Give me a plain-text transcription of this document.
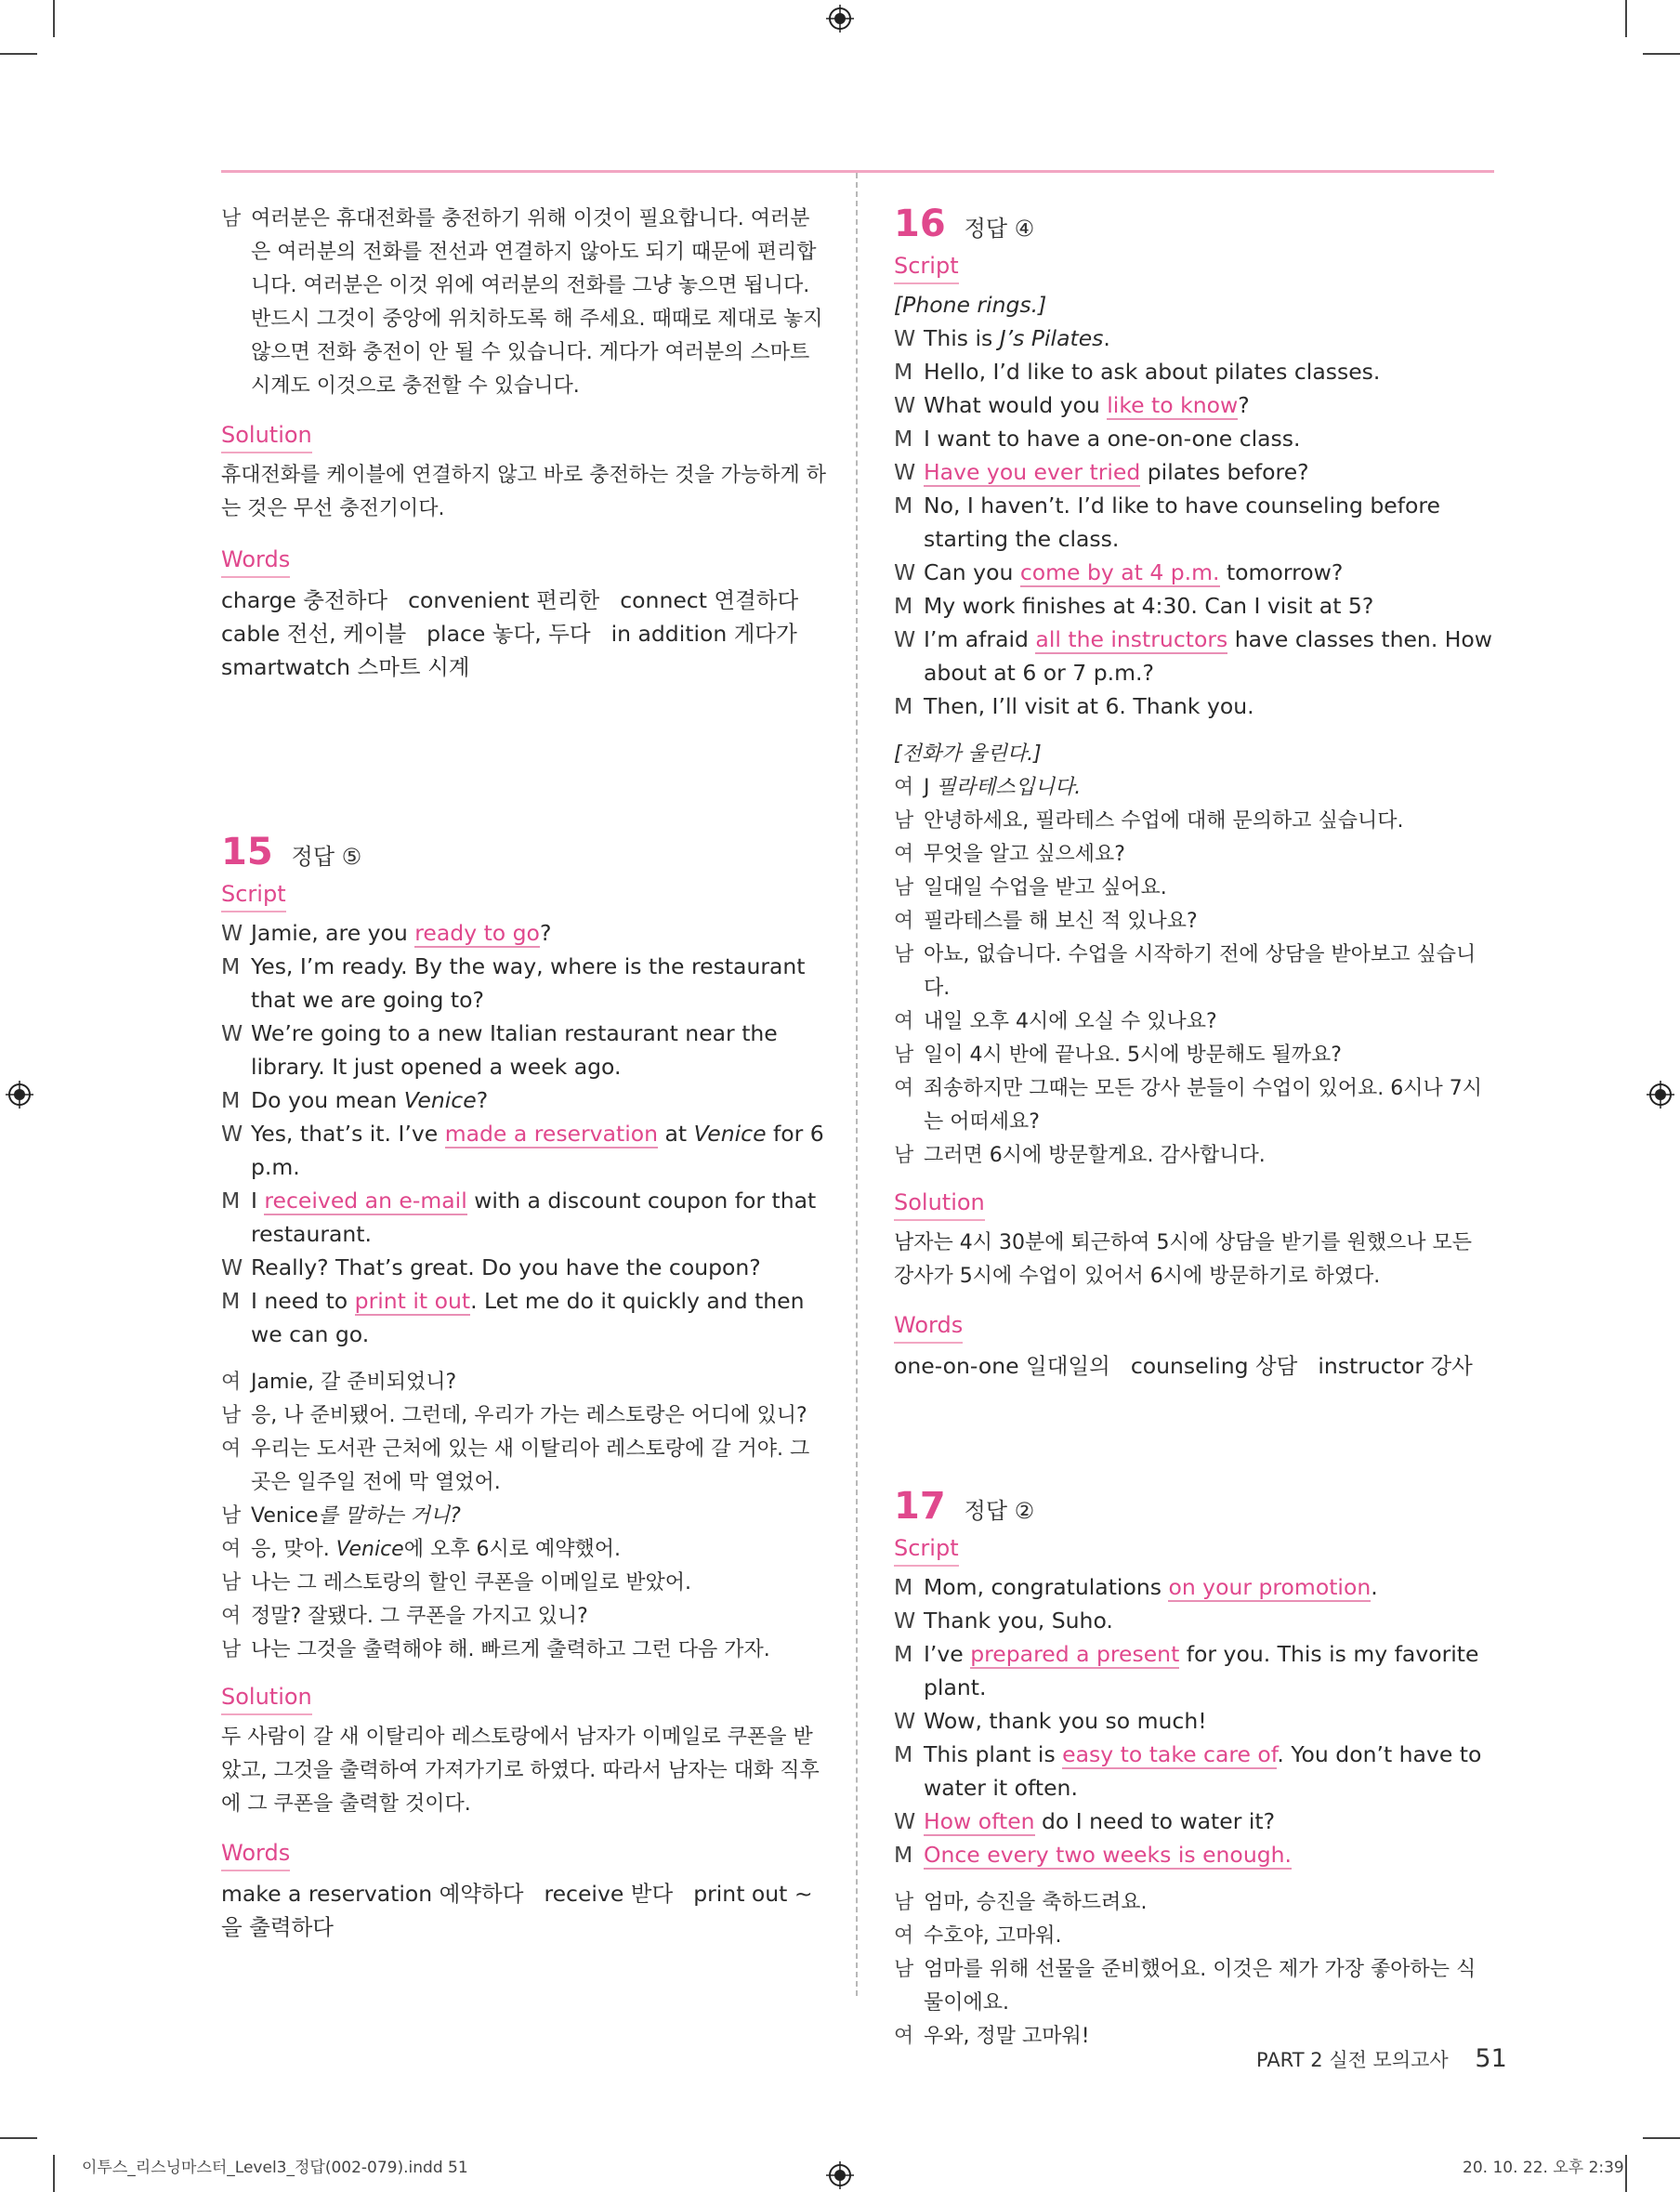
남 여러분은 휴대전화를 충전하기 위해 이것이 필요합니다. 여러분은 여러분의 전화를 전선과 연결하지 않아도 되기 때문에 편리합니다. 여러분은 이것 위에 여러분의 전화를 그냥 놓으면 됩니다. 반드시 그것이 중앙에 위치하도록 해 주세요. 때때로 제대로 놓지 않으면 전화 충전이 안 될 수 있습니다. 게다가 여러분의 스마트 시계도 이것으로 충전할 수 있습니다.
Solution
휴대전화를 케이블에 연결하지 않고 바로 충전하는 것을 가능하게 하는 것은 무선 충전기이다.
Words
charge 충전하다 convenient 편리한 connect 연결하다
cable 전선, 케이블 place 놓다, 두다 in addition 게다가
smartwatch 스마트 시계
15 정답 ⑤
Script
W Jamie, are you ready to go?
M Yes, I’m ready. By the way, where is the restaurant that we are going to?
W We’re going to a new Italian restaurant near the library. It just opened a week ago.
M Do you mean Venice?
W Yes, that’s it. I’ve made a reservation at Venice for 6 p.m.
M I received an e-mail with a discount coupon for that restaurant.
W Really? That’s great. Do you have the coupon?
M I need to print it out. Let me do it quickly and then we can go.
여 Jamie, 갈 준비되었니?
남 응, 나 준비됐어. 그런데, 우리가 가는 레스토랑은 어디에 있니?
여 우리는 도서관 근처에 있는 새 이탈리아 레스토랑에 갈 거야. 그곳은 일주일 전에 막 열었어.
남 Venice를 말하는 거니?
여 응, 맞아. Venice에 오후 6시로 예약했어.
남 나는 그 레스토랑의 할인 쿠폰을 이메일로 받았어.
여 정말? 잘됐다. 그 쿠폰을 가지고 있니?
남 나는 그것을 출력해야 해. 빠르게 출력하고 그런 다음 가자.
Solution
두 사람이 갈 새 이탈리아 레스토랑에서 남자가 이메일로 쿠폰을 받았고, 그것을 출력하여 가져가기로 하였다. 따라서 남자는 대화 직후에 그 쿠폰을 출력할 것이다.
Words
make a reservation 예약하다 receive 받다 print out ~을 출력하다
16 정답 ④
Script
[Phone rings.]
W This is J’s Pilates.
M Hello, I’d like to ask about pilates classes.
W What would you like to know?
M I want to have a one-on-one class.
W Have you ever tried pilates before?
M No, I haven’t. I’d like to have counseling before starting the class.
W Can you come by at 4 p.m. tomorrow?
M My work finishes at 4:30. Can I visit at 5?
W I’m afraid all the instructors have classes then. How about at 6 or 7 p.m.?
M Then, I’ll visit at 6. Thank you.
[전화가 울린다.]
여 J 필라테스입니다.
남 안녕하세요, 필라테스 수업에 대해 문의하고 싶습니다.
여 무엇을 알고 싶으세요?
남 일대일 수업을 받고 싶어요.
여 필라테스를 해 보신 적 있나요?
남 아뇨, 없습니다. 수업을 시작하기 전에 상담을 받아보고 싶습니다.
여 내일 오후 4시에 오실 수 있나요?
남 일이 4시 반에 끝나요. 5시에 방문해도 될까요?
여 죄송하지만 그때는 모든 강사 분들이 수업이 있어요. 6시나 7시는 어떠세요?
남 그러면 6시에 방문할게요. 감사합니다.
Solution
남자는 4시 30분에 퇴근하여 5시에 상담을 받기를 원했으나 모든 강사가 5시에 수업이 있어서 6시에 방문하기로 하였다.
Words
one-on-one 일대일의 counseling 상담 instructor 강사
17 정답 ②
Script
M Mom, congratulations on your promotion.
W Thank you, Suho.
M I’ve prepared a present for you. This is my favorite plant.
W Wow, thank you so much!
M This plant is easy to take care of. You don’t have to water it often.
W How often do I need to water it?
M Once every two weeks is enough.
남 엄마, 승진을 축하드려요.
여 수호야, 고마워.
남 엄마를 위해 선물을 준비했어요. 이것은 제가 가장 좋아하는 식물이에요.
여 우와, 정말 고마워!
PART 2 실전 모의고사 51
이투스_리스닝마스터_Level3_정답(002-079).indd 51	20. 10. 22. 오후 2:39
